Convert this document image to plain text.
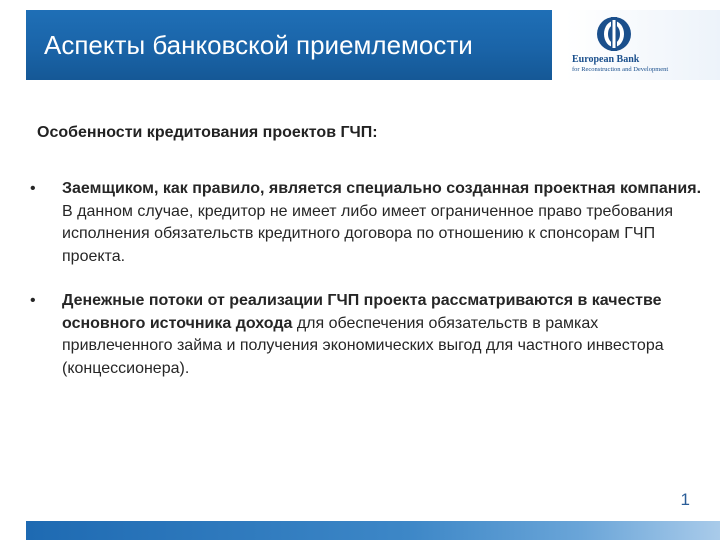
Аспекты банковской приемлемости	European Bank
for Reconstruction and Development
Особенности кредитования проектов ГЧП:
• Заемщиком, как правило, является специально созданная проектная компания. В данном случае, кредитор не имеет либо имеет ограниченное право требования исполнения обязательств кредитного договора по отношению к спонсорам ГЧП проекта.
• Денежные потоки от реализации ГЧП проекта рассматриваются в качестве основного источника дохода для обеспечения обязательств в рамках привлеченного займа и получения экономических выгод для частного инвестора (концессионера).
1
